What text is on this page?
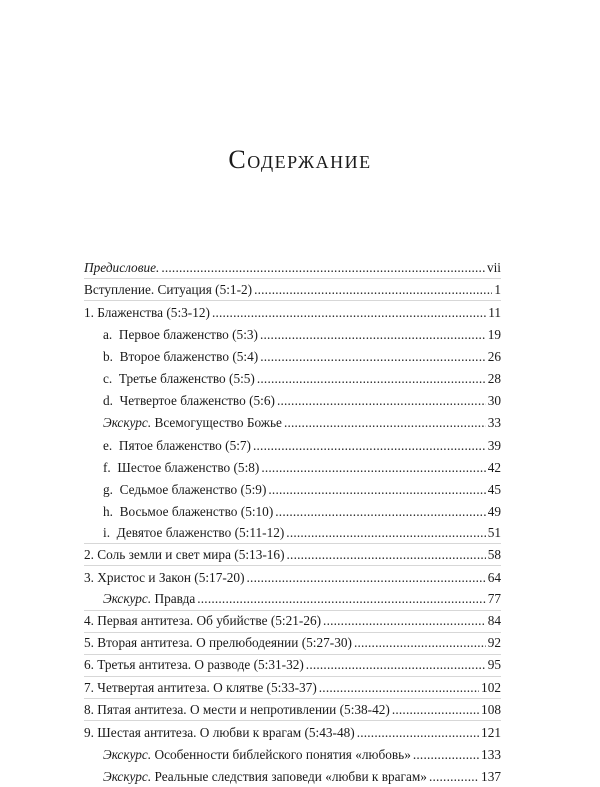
Содержание
Предисловие. .....	vii
Вступление. Ситуация (5:1-2) .....	1
1. Блаженства (5:3-12) .....	11
a.  Первое блаженство (5:3) .....	19
b.  Второе блаженство (5:4) .....	26
c.  Третье блаженство (5:5) .....	28
d.  Четвертое блаженство (5:6) .....	30
Экскурс. Всемогущество Божье .....	33
e.  Пятое блаженство (5:7) .....	39
f.  Шестое блаженство (5:8) .....	42
g.  Седьмое блаженство (5:9) .....	45
h.  Восьмое блаженство (5:10) .....	49
i.  Девятое блаженство (5:11-12) .....	51
2. Соль земли и свет мира (5:13-16) .....	58
3. Христос и Закон (5:17-20) .....	64
Экскурс. Правда .....	77
4. Первая антитеза. Об убийстве (5:21-26) .....	84
5. Вторая антитеза. О прелюбодеянии (5:27-30) .....	92
6. Третья антитеза. О разводе (5:31-32) .....	95
7. Четвертая антитеза. О клятве (5:33-37) .....	102
8. Пятая антитеза. О мести и непротивлении (5:38-42) .....	108
9. Шестая антитеза. О любви к врагам (5:43-48) .....	121
Экскурс. Особенности библейского понятия «любовь» .....	133
Экскурс. Реальные следствия заповеди «любви к врагам» .....	137
